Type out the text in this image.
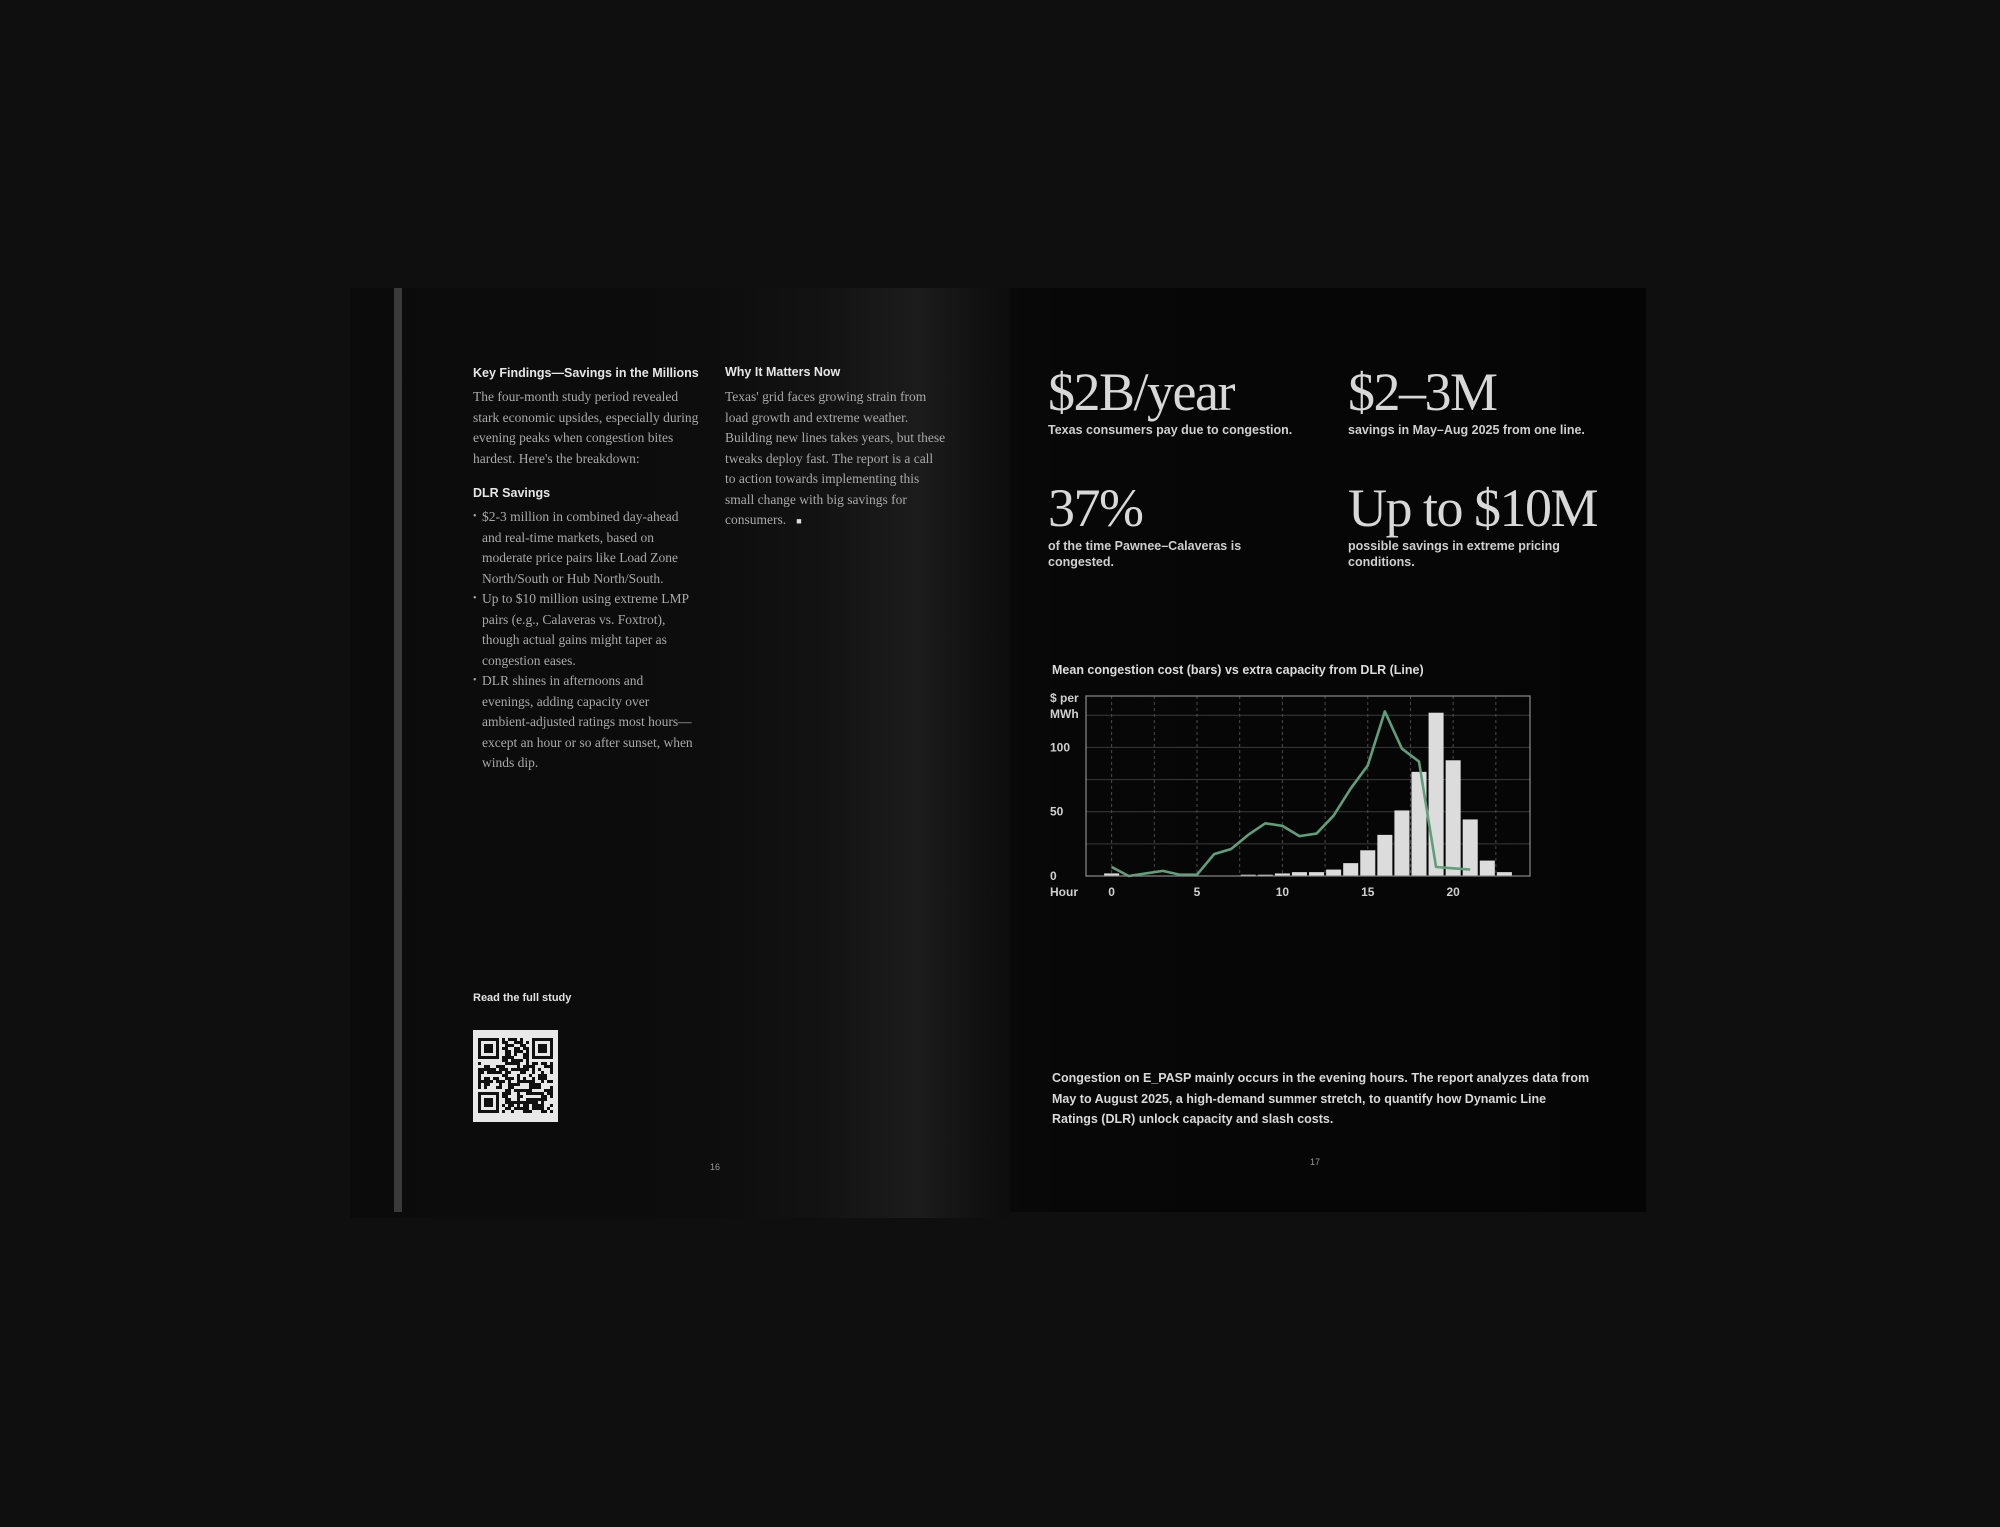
Key Findings—Savings in the Millions
The four-month study period revealed stark economic upsides, especially during evening peaks when congestion bites hardest. Here's the breakdown:
DLR Savings
• $2-3 million in combined day-ahead and real-time markets, based on moderate price pairs like Load Zone North/South or Hub North/South.
• Up to $10 million using extreme LMP pairs (e.g., Calaveras vs. Foxtrot), though actual gains might taper as congestion eases.
• DLR shines in afternoons and evenings, adding capacity over ambient-adjusted ratings most hours—except an hour or so after sunset, when winds dip.
Why It Matters Now
Texas' grid faces growing strain from load growth and extreme weather. Building new lines takes years, but these tweaks deploy fast. The report is a call to action towards implementing this small change with big savings for consumers. ■
Read the full study
16
$2B/year
Texas consumers pay due to congestion.
$2–3M
savings in May–Aug 2025 from one line.
37%
of the time Pawnee–Calaveras is congested.
Up to $10M
possible savings in extreme pricing conditions.
Mean congestion cost (bars) vs extra capacity from DLR (Line)
0
50
100
0	5	10	15	20
$ per
MWh
Hour
Congestion on E_PASP mainly occurs in the evening hours. The report analyzes data from May to August 2025, a high-demand summer stretch, to quantify how Dynamic Line Ratings (DLR) unlock capacity and slash costs.
17
